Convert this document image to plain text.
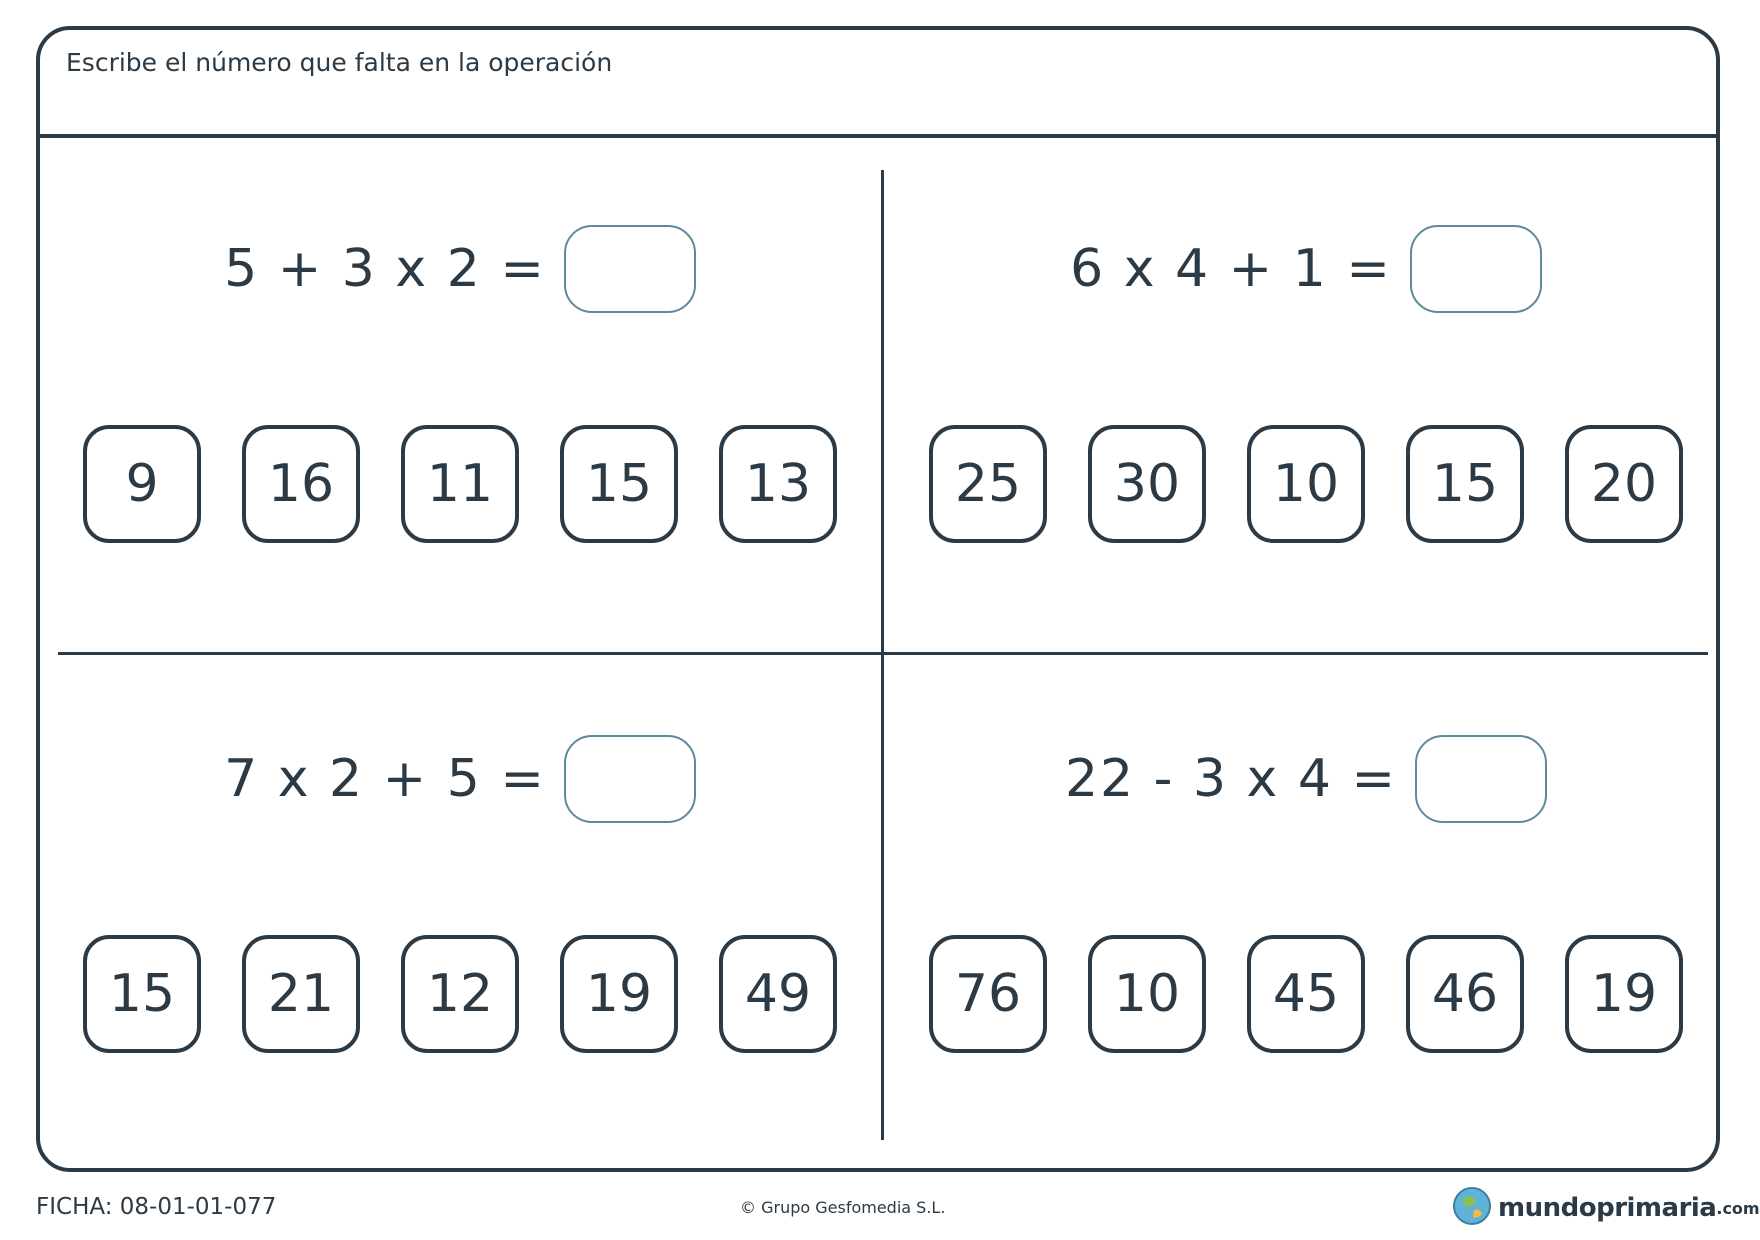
Escribe el número que falta en la operación
5 + 3 x 2 =
9	16	11	15	13
6 x 4 + 1 =
25	30	10	15	20
7 x 2 + 5 =
15	21	12	19	49
22 - 3 x 4 =
76	10	45	46	19
FICHA: 08-01-01-077	© Grupo Gesfomedia S.L.	mundoprimaria .com
